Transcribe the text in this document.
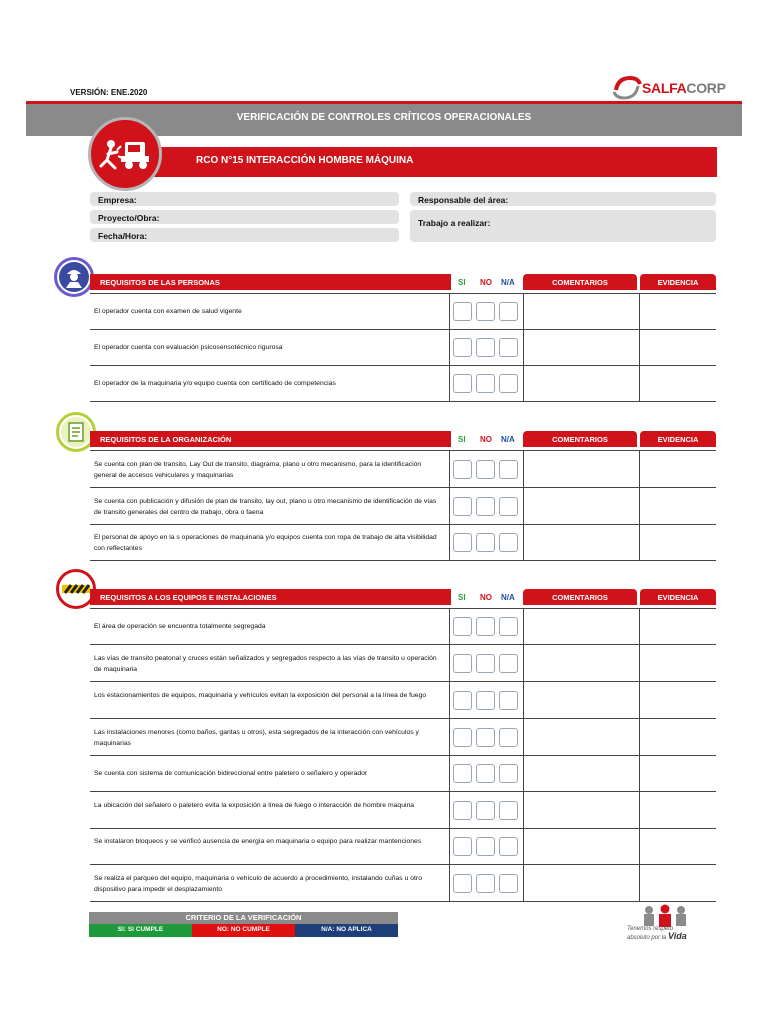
VERSIÓN: ENE.2020	SALFACORP
VERIFICACIÓN DE CONTROLES CRÍTICOS OPERACIONALES
RCO N°15 INTERACCIÓN HOMBRE MÁQUINA
Empresa:
Proyecto/Obra:
Fecha/Hora:
Responsable del área:
Trabajo a realizar:
REQUISITOS DE LAS PERSONAS	SI NO N/A	COMENTARIOS	EVIDENCIA
El operador cuenta con examen de salud vigente
El operador cuenta con evaluación psicosensotécnico rigurosa
El operador de la maquinaria y/o equipo cuenta con certificado de competencias
REQUISITOS DE LA ORGANIZACIÓN	SI NO N/A	COMENTARIOS	EVIDENCIA
Se cuenta con plan de transito, Lay Out de transito, diagrama, plano u otro mecanismo, para la identificación general de accesos vehiculares y maquinarias
Se cuenta con publicación y difusión de plan de transito, lay out, plano u otro mecanismo de identificación de vías de transito generales del centro de trabajo, obra o faena
El personal de apoyo en la s operaciones de maquinaria y/o equipos cuenta con ropa de trabajo de alta visibilidad con reflectantes
REQUISITOS A LOS EQUIPOS E INSTALACIONES	SI NO N/A	COMENTARIOS	EVIDENCIA
El área de operación se encuentra totalmente segregada
Las vías de transito peatonal y cruces están señalizados y segregados respecto a las vías de transito u operación de maquinaria
Los estacionamientos de equipos, maquinaria y vehículos evitan la exposición del personal a la línea de fuego
Las instalaciones menores (como baños, garitas u otros), esta segregados de la interacción con vehículos y maquinarias
Se cuenta con sistema de comunicación bidireccional entre paletero o señalero y operador
La ubicación del señalero o paletero evita la exposición a línea de fuego o interacción de hombre maquina
Se instalaron bloqueos y se verificó ausencia de energía en maquinaria o equipo para realizar mantenciones
Se realiza el parqueo del equipo, maquinaria o vehículo de acuerdo a procedimiento, instalando cuñas u otro dispositivo para impedir el desplazamiento
CRITERIO DE LA VERIFICACIÓN
SI: SI CUMPLE	NO: NO CUMPLE	N/A: NO APLICA	Tenemos respeto
absoluto por la Vida
